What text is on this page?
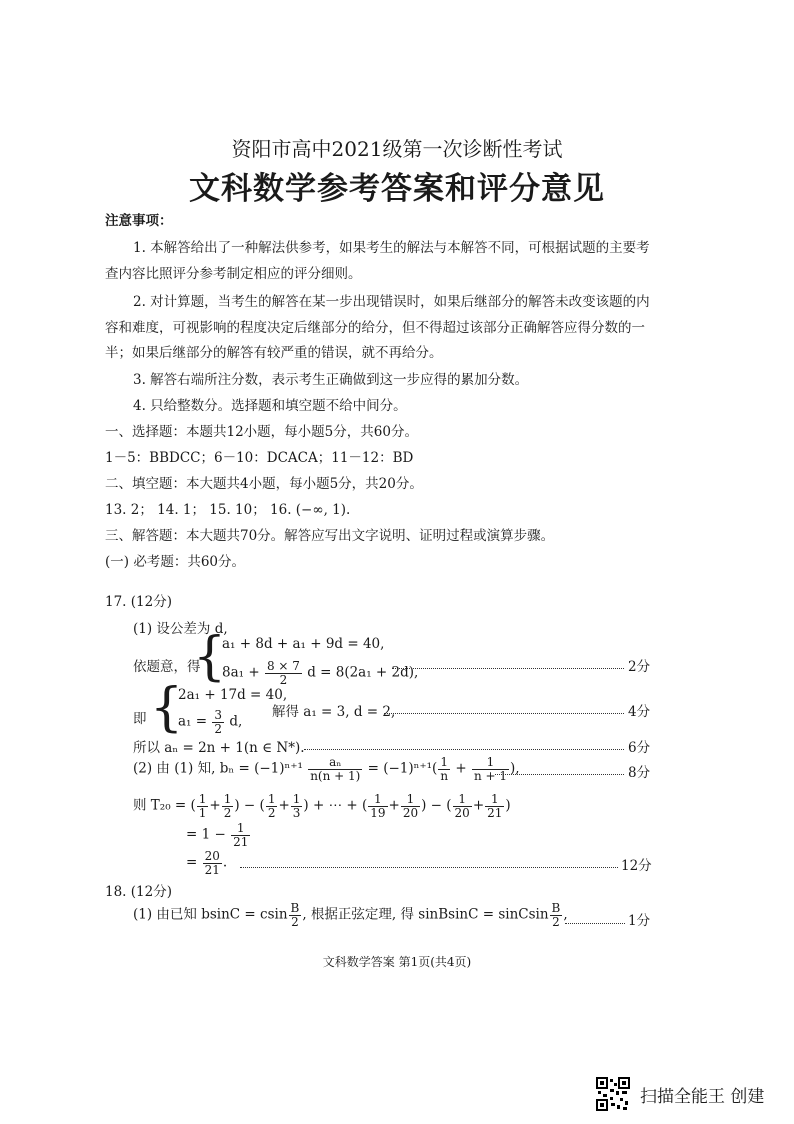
资阳市高中2021级第一次诊断性考试
文科数学参考答案和评分意见
注意事项：
1. 本解答给出了一种解法供参考，如果考生的解法与本解答不同，可根据试题的主要考
查内容比照评分参考制定相应的评分细则。
2. 对计算题，当考生的解答在某一步出现错误时，如果后继部分的解答未改变该题的内
容和难度，可视影响的程度决定后继部分的给分，但不得超过该部分正确解答应得分数的一
半；如果后继部分的解答有较严重的错误，就不再给分。
3. 解答右端所注分数，表示考生正确做到这一步应得的累加分数。
4. 只给整数分。选择题和填空题不给中间分。
一、选择题：本题共12小题，每小题5分，共60分。
1－5：BBDCC；6－10：DCACA；11－12：BD
二、填空题：本大题共4小题，每小题5分，共20分。
13. 2； 14. 1； 15. 10； 16. (−∞, 1).
三、解答题：本大题共70分。解答应写出文字说明、证明过程或演算步骤。
(一) 必考题：共60分。
17. (12分)
(1) 设公差为 d,
依题意，得
{
a₁ + 8d + a₁ + 9d = 40,
$8a_1 + \frac{8 \times 7}{2}$ d = 8(2a₁ + 2d),	2分
即 {
2a₁ + 17d = 40,
$a_1 = \frac{3}{2} d$,
解得 a₁ = 3, d = 2,	4分
所以 aₙ = 2n + 1(n ∈ N*).	6分
(2) 由 (1) 知, $b_n = (-1)^{n+1} \frac{\text{aₙ}}{n(n + 1)} = (-1)^{n+1}( \frac{1}{n} + \frac{1}{n + 1}$ ),	8分
则 T₂₀ = ( $\frac{1}{1} + \frac{1}{2}$ ) − ( $\frac{1}{2} + \frac{1}{3}$ ) + ⋯ + ( $\frac{1}{19} + \frac{1}{20}$ ) − ( $\frac{1}{20} + \frac{1}{21}$ )
= $1 - \frac{1}{21}$
= $\frac{20}{21}$ .	12分
18. (12分)
(1) 由已知 bsinC = csin $\frac{B}{2}$ , 根据正弦定理, 得 sinBsinC = sinCsin $\frac{B}{2}$ ,	1分
文科数学答案 第1页(共4页)
扫描全能王 创建
